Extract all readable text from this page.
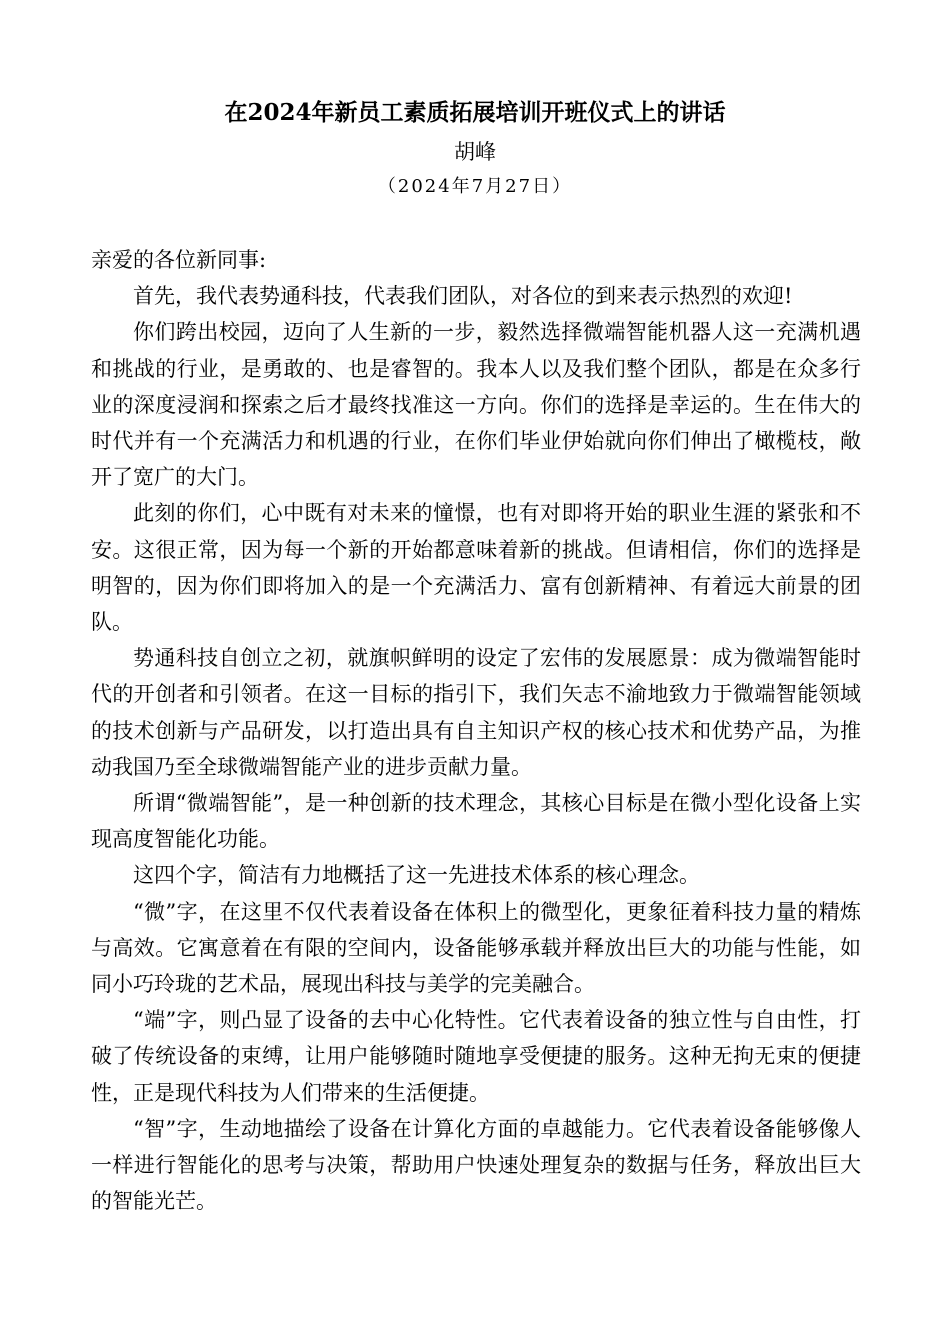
在2024年新员工素质拓展培训开班仪式上的讲话
胡峰
（2024年7月27日）

亲爱的各位新同事:

首先，我代表势通科技，代表我们团队，对各位的到来表示热烈的欢迎!

你们跨出校园，迈向了人生新的一步，毅然选择微端智能机器人这一充满机遇和挑战的行业，是勇敢的、也是睿智的。我本人以及我们整个团队，都是在众多行业的深度浸润和探索之后才最终找准这一方向。你们的选择是幸运的。生在伟大的时代并有一个充满活力和机遇的行业，在你们毕业伊始就向你们伸出了橄榄枝，敞开了宽广的大门。

此刻的你们，心中既有对未来的憧憬，也有对即将开始的职业生涯的紧张和不安。这很正常，因为每一个新的开始都意味着新的挑战。但请相信，你们的选择是明智的，因为你们即将加入的是一个充满活力、富有创新精神、有着远大前景的团队。

势通科技自创立之初，就旗帜鲜明的设定了宏伟的发展愿景：成为微端智能时代的开创者和引领者。在这一目标的指引下，我们矢志不渝地致力于微端智能领域的技术创新与产品研发，以打造出具有自主知识产权的核心技术和优势产品，为推动我国乃至全球微端智能产业的进步贡献力量。

所谓“微端智能”，是一种创新的技术理念，其核心目标是在微小型化设备上实现高度智能化功能。

这四个字，简洁有力地概括了这一先进技术体系的核心理念。

“微”字，在这里不仅代表着设备在体积上的微型化，更象征着科技力量的精炼与高效。它寓意着在有限的空间内，设备能够承载并释放出巨大的功能与性能，如同小巧玲珑的艺术品，展现出科技与美学的完美融合。

“端”字，则凸显了设备的去中心化特性。它代表着设备的独立性与自由性，打破了传统设备的束缚，让用户能够随时随地享受便捷的服务。这种无拘无束的便捷性，正是现代科技为人们带来的生活便捷。

“智”字，生动地描绘了设备在计算化方面的卓越能力。它代表着设备能够像人一样进行智能化的思考与决策，帮助用户快速处理复杂的数据与任务，释放出巨大的智能光芒。
